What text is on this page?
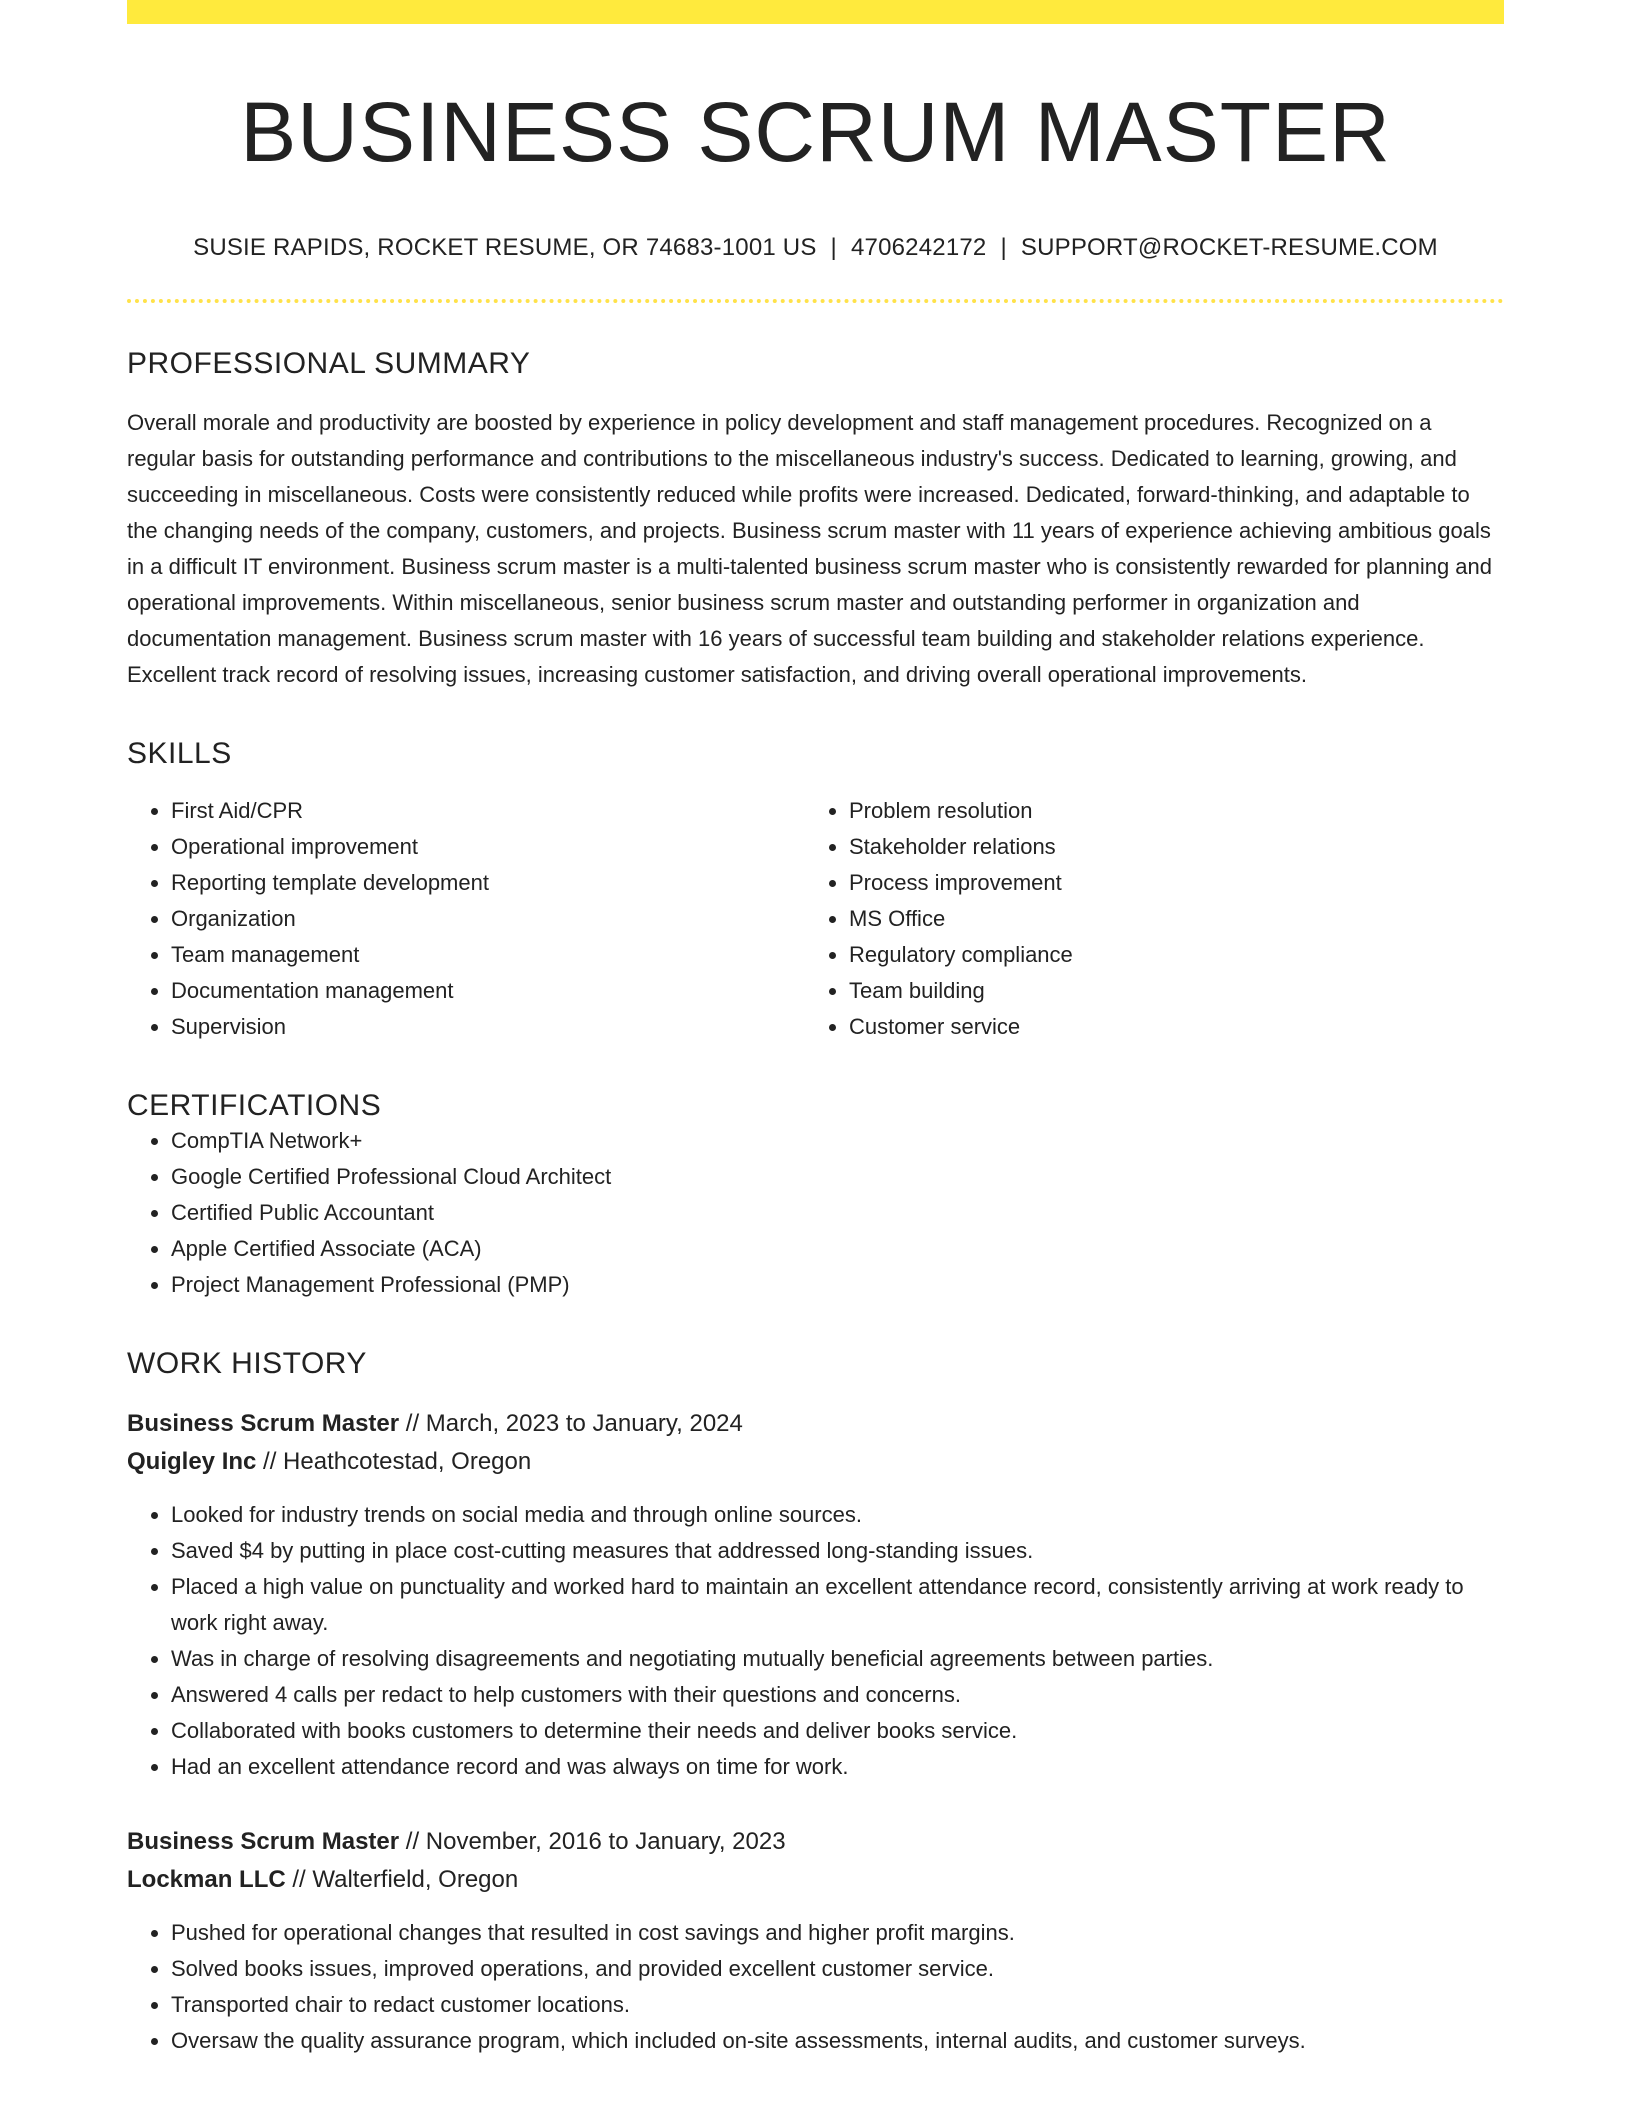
BUSINESS SCRUM MASTER
SUSIE RAPIDS, ROCKET RESUME, OR 74683-1001 US | 4706242172 | SUPPORT@ROCKET-RESUME.COM
PROFESSIONAL SUMMARY

Overall morale and productivity are boosted by experience in policy development and staff management procedures. Recognized on a regular basis for outstanding performance and contributions to the miscellaneous industry's success. Dedicated to learning, growing, and succeeding in miscellaneous. Costs were consistently reduced while profits were increased. Dedicated, forward-thinking, and adaptable to the changing needs of the company, customers, and projects. Business scrum master with 11 years of experience achieving ambitious goals in a difficult IT environment. Business scrum master is a multi-talented business scrum master who is consistently rewarded for planning and operational improvements. Within miscellaneous, senior business scrum master and outstanding performer in organization and documentation management. Business scrum master with 16 years of successful team building and stakeholder relations experience. Excellent track record of resolving issues, increasing customer satisfaction, and driving overall operational improvements.

SKILLS
• First Aid/CPR
• Operational improvement
• Reporting template development
• Organization
• Team management
• Documentation management
• Supervision
• Problem resolution
• Stakeholder relations
• Process improvement
• MS Office
• Regulatory compliance
• Team building
• Customer service
CERTIFICATIONS
• CompTIA Network+
• Google Certified Professional Cloud Architect
• Certified Public Accountant
• Apple Certified Associate (ACA)
• Project Management Professional (PMP)
WORK HISTORY
Business Scrum Master // March, 2023 to January, 2024
Quigley Inc // Heathcotestad, Oregon
• Looked for industry trends on social media and through online sources.
• Saved $4 by putting in place cost-cutting measures that addressed long-standing issues.
• Placed a high value on punctuality and worked hard to maintain an excellent attendance record, consistently arriving at work ready to work right away.
• Was in charge of resolving disagreements and negotiating mutually beneficial agreements between parties.
• Answered 4 calls per redact to help customers with their questions and concerns.
• Collaborated with books customers to determine their needs and deliver books service.
• Had an excellent attendance record and was always on time for work.
Business Scrum Master // November, 2016 to January, 2023
Lockman LLC // Walterfield, Oregon
• Pushed for operational changes that resulted in cost savings and higher profit margins.
• Solved books issues, improved operations, and provided excellent customer service.
• Transported chair to redact customer locations.
• Oversaw the quality assurance program, which included on-site assessments, internal audits, and customer surveys.
